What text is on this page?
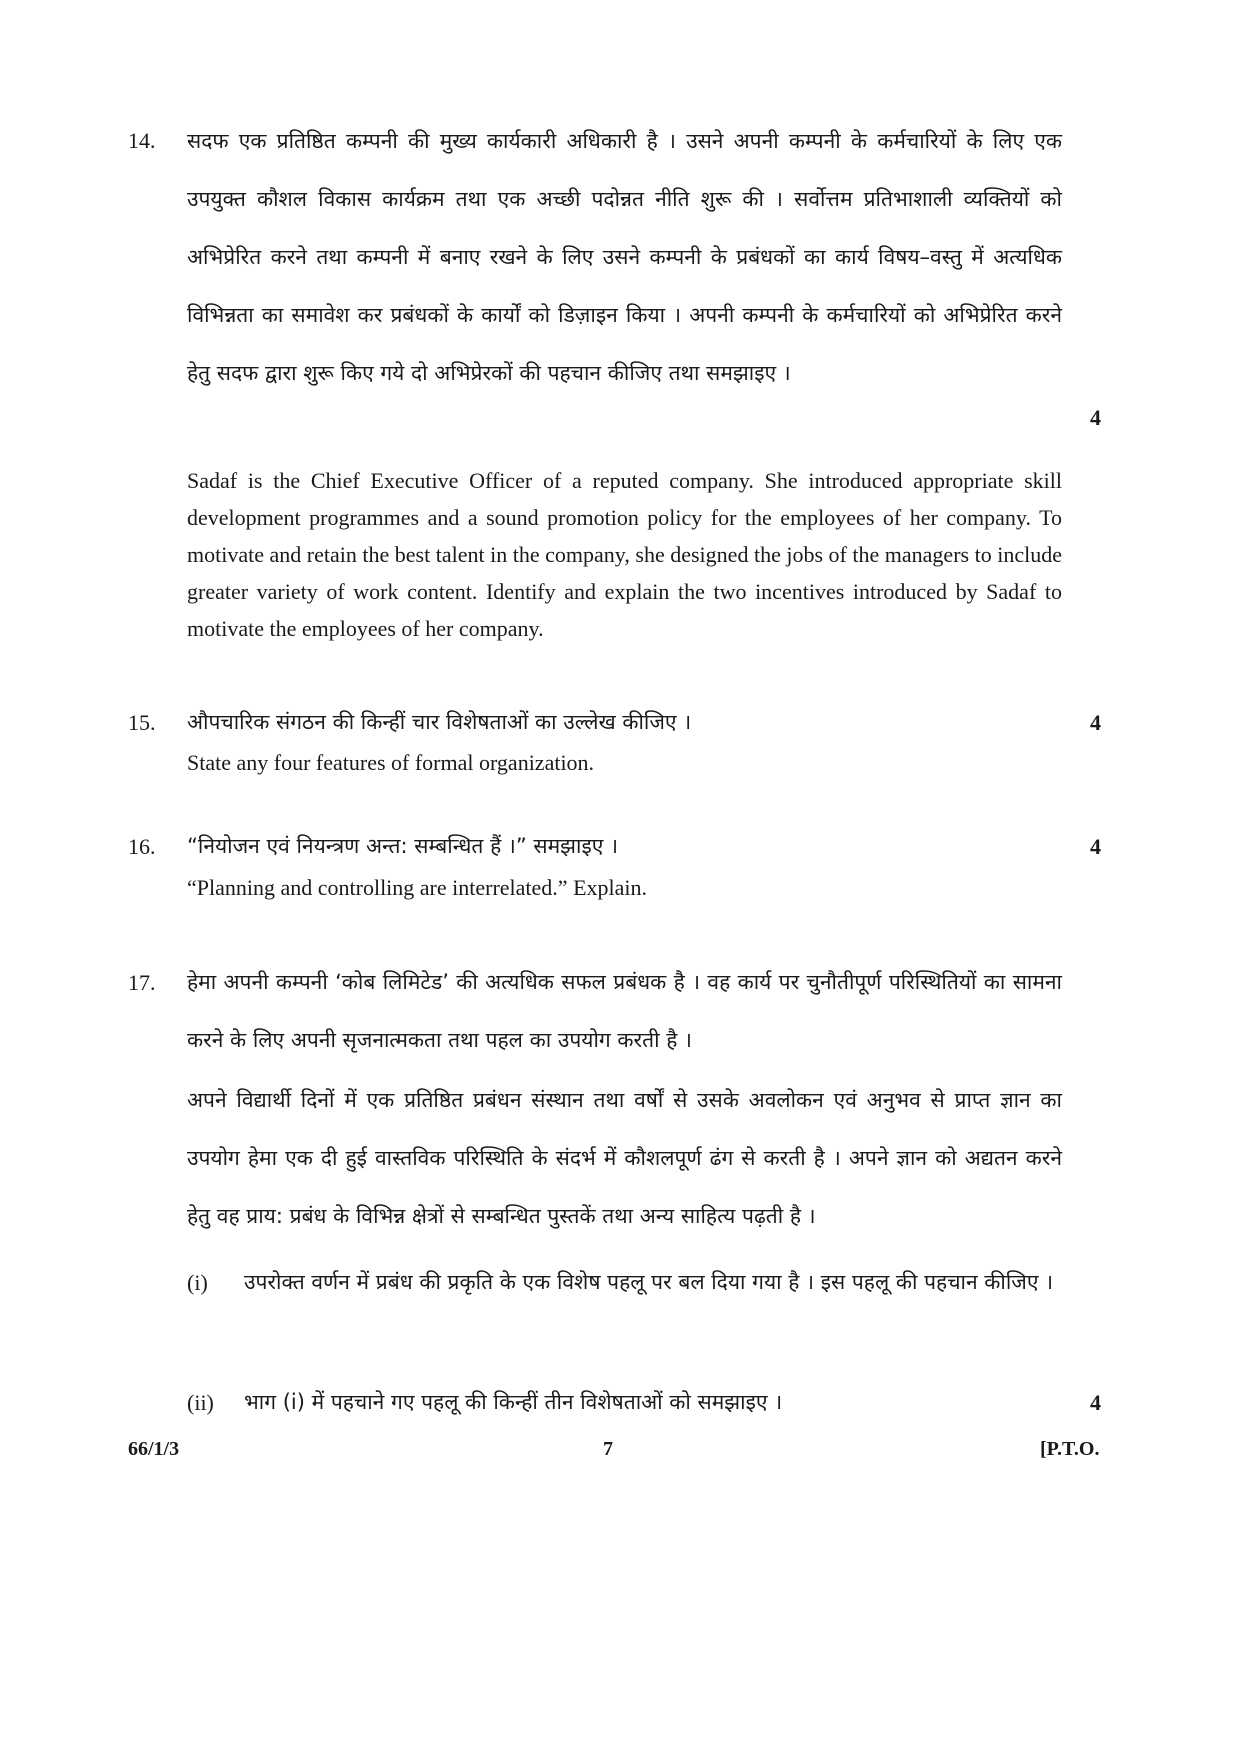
14. सदफ एक प्रतिष्ठित कम्पनी की मुख्य कार्यकारी अधिकारी है । उसने अपनी कम्पनी के कर्मचारियों के लिए एक उपयुक्त कौशल विकास कार्यक्रम तथा एक अच्छी पदोन्नत नीति शुरू की । सर्वोत्तम प्रतिभाशाली व्यक्तियों को अभिप्रेरित करने तथा कम्पनी में बनाए रखने के लिए उसने कम्पनी के प्रबंधकों का कार्य विषय–वस्तु में अत्यधिक विभिन्नता का समावेश कर प्रबंधकों के कार्यों को डिज़ाइन किया । अपनी कम्पनी के कर्मचारियों को अभिप्रेरित करने हेतु सदफ द्वारा शुरू किए गये दो अभिप्रेरकों की पहचान कीजिए तथा समझाइए ।
4
Sadaf is the Chief Executive Officer of a reputed company. She introduced appropriate skill development programmes and a sound promotion policy for the employees of her company. To motivate and retain the best talent in the company, she designed the jobs of the managers to include greater variety of work content. Identify and explain the two incentives introduced by Sadaf to motivate the employees of her company.
15. औपचारिक संगठन की किन्हीं चार विशेषताओं का उल्लेख कीजिए ।	4
State any four features of formal organization.
16. “नियोजन एवं नियन्त्रण अन्त: सम्बन्धित हैं ।” समझाइए ।	4
“Planning and controlling are interrelated.” Explain.
17. हेमा अपनी कम्पनी ‘कोब लिमिटेड’ की अत्यधिक सफल प्रबंधक है । वह कार्य पर चुनौतीपूर्ण परिस्थितियों का सामना करने के लिए अपनी सृजनात्मकता तथा पहल का उपयोग करती है ।
अपने विद्यार्थी दिनों में एक प्रतिष्ठित प्रबंधन संस्थान तथा वर्षों से उसके अवलोकन एवं अनुभव से प्राप्त ज्ञान का उपयोग हेमा एक दी हुई वास्तविक परिस्थिति के संदर्भ में कौशलपूर्ण ढंग से करती है । अपने ज्ञान को अद्यतन करने हेतु वह प्राय: प्रबंध के विभिन्न क्षेत्रों से सम्बन्धित पुस्तकें तथा अन्य साहित्य पढ़ती है ।
(i) उपरोक्त वर्णन में प्रबंध की प्रकृति के एक विशेष पहलू पर बल दिया गया है । इस पहलू की पहचान कीजिए ।
(ii) भाग (i) में पहचाने गए पहलू की किन्हीं तीन विशेषताओं को समझाइए ।	4
66/1/3	7	[P.T.O.
